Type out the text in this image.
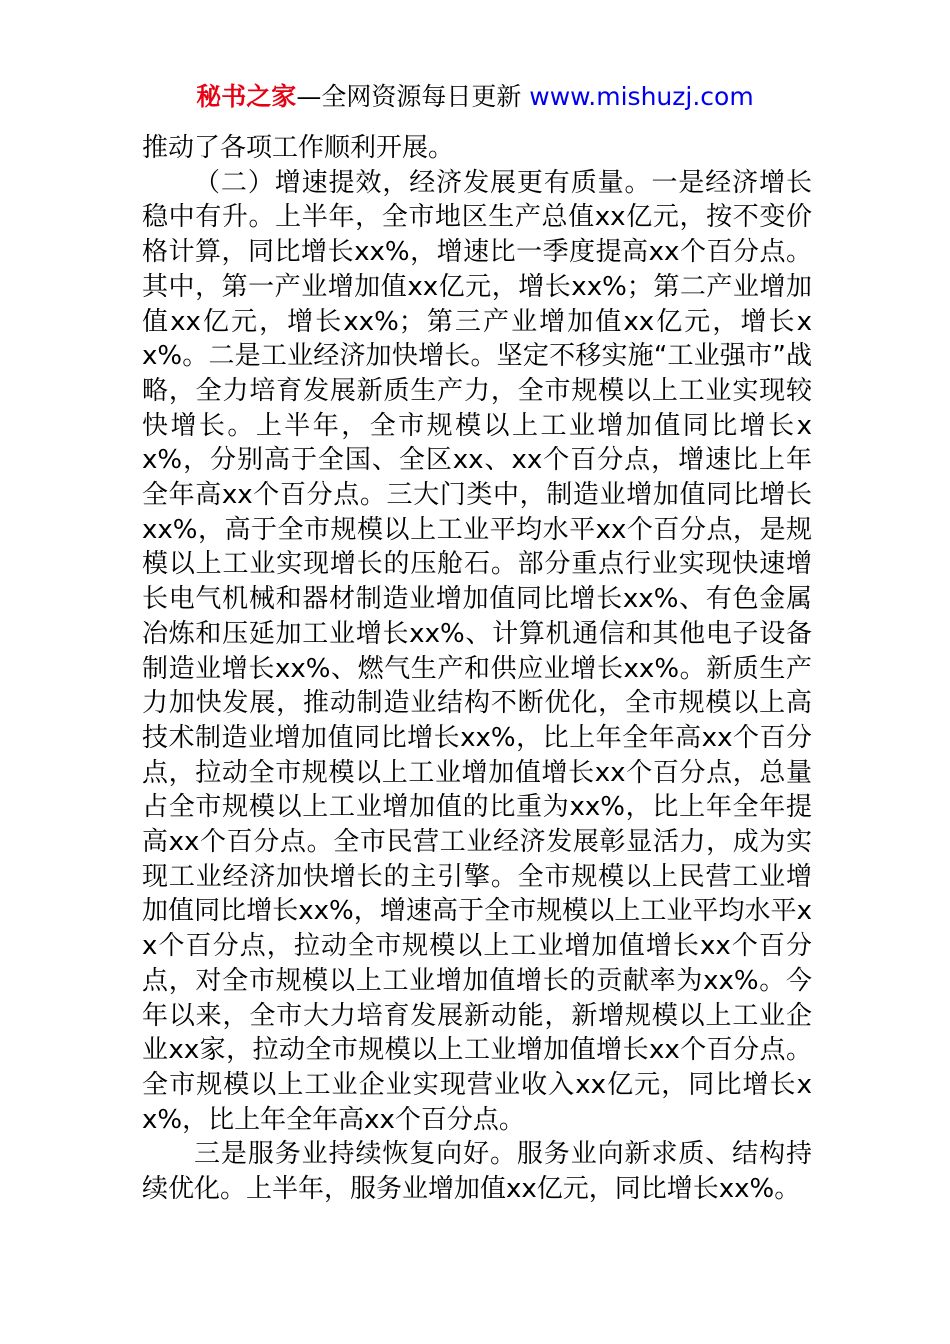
秘书之家—全网资源每日更新 www.mishuzj.com

推动了各项工作顺利开展。

（二）增速提效，经济发展更有质量。一是经济增长稳中有升。上半年，全市地区生产总值xx亿元，按不变价格计算，同比增长xx%，增速比一季度提高xx个百分点。其中，第一产业增加值xx亿元，增长xx%；第二产业增加值xx亿元，增长xx%；第三产业增加值xx亿元，增长xx%。二是工业经济加快增长。坚定不移实施“工业强市”战略，全力培育发展新质生产力，全市规模以上工业实现较快增长。上半年，全市规模以上工业增加值同比增长xx%，分别高于全国、全区xx、xx个百分点，增速比上年全年高xx个百分点。三大门类中，制造业增加值同比增长xx%，高于全市规模以上工业平均水平xx个百分点，是规模以上工业实现增长的压舱石。部分重点行业实现快速增长电气机械和器材制造业增加值同比增长xx%、有色金属冶炼和压延加工业增长xx%、计算机通信和其他电子设备制造业增长xx%、燃气生产和供应业增长xx%。新质生产力加快发展，推动制造业结构不断优化，全市规模以上高技术制造业增加值同比增长xx%，比上年全年高xx个百分点，拉动全市规模以上工业增加值增长xx个百分点，总量占全市规模以上工业增加值的比重为xx%，比上年全年提高xx个百分点。全市民营工业经济发展彰显活力，成为实现工业经济加快增长的主引擎。全市规模以上民营工业增加值同比增长xx%，增速高于全市规模以上工业平均水平xx个百分点，拉动全市规模以上工业增加值增长xx个百分点，对全市规模以上工业增加值增长的贡献率为xx%。今年以来，全市大力培育发展新动能，新增规模以上工业企业xx家，拉动全市规模以上工业增加值增长xx个百分点。全市规模以上工业企业实现营业收入xx亿元，同比增长xx%，比上年全年高xx个百分点。

三是服务业持续恢复向好。服务业向新求质、结构持续优化。上半年，服务业增加值xx亿元，同比增长xx%。
